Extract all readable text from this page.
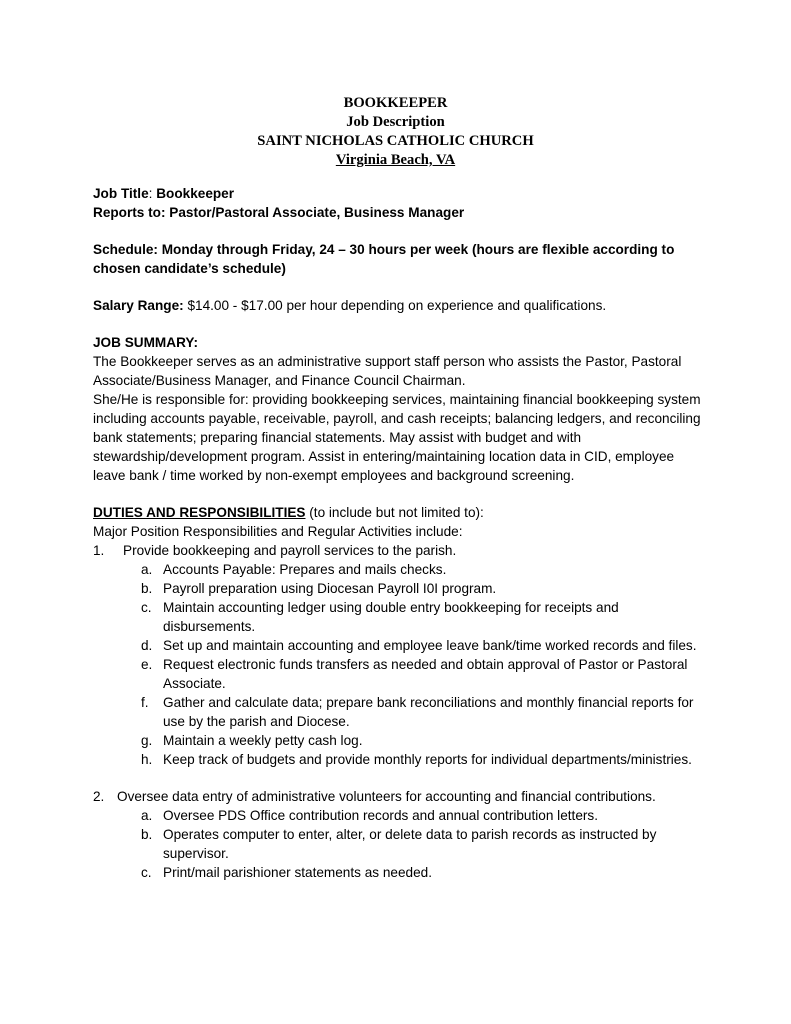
BOOKKEEPER
Job Description
SAINT NICHOLAS CATHOLIC CHURCH
Virginia Beach, VA

Job Title: Bookkeeper

Reports to: Pastor/Pastoral Associate, Business Manager

Schedule: Monday through Friday, 24 – 30 hours per week (hours are flexible according to chosen candidate’s schedule)

Salary Range: $14.00 - $17.00 per hour depending on experience and qualifications.

JOB SUMMARY:

The Bookkeeper serves as an administrative support staff person who assists the Pastor, Pastoral Associate/Business Manager, and Finance Council Chairman.

She/He is responsible for: providing bookkeeping services, maintaining financial bookkeeping system including accounts payable, receivable, payroll, and cash receipts; balancing ledgers, and reconciling bank statements; preparing financial statements. May assist with budget and with stewardship/development program. Assist in entering/maintaining location data in CID, employee leave bank / time worked by non-exempt employees and background screening.

DUTIES AND RESPONSIBILITIES (to include but not limited to):

Major Position Responsibilities and Regular Activities include:

1. Provide bookkeeping and payroll services to the parish.
a. Accounts Payable: Prepares and mails checks.
b. Payroll preparation using Diocesan Payroll I0I program.
c. Maintain accounting ledger using double entry bookkeeping for receipts and disbursements.
d. Set up and maintain accounting and employee leave bank/time worked records and files.
e. Request electronic funds transfers as needed and obtain approval of Pastor or Pastoral Associate.
f. Gather and calculate data; prepare bank reconciliations and monthly financial reports for use by the parish and Diocese.
g. Maintain a weekly petty cash log.
h. Keep track of budgets and provide monthly reports for individual departments/ministries.
2. Oversee data entry of administrative volunteers for accounting and financial contributions.
a. Oversee PDS Office contribution records and annual contribution letters.
b. Operates computer to enter, alter, or delete data to parish records as instructed by supervisor.
c. Print/mail parishioner statements as needed.
